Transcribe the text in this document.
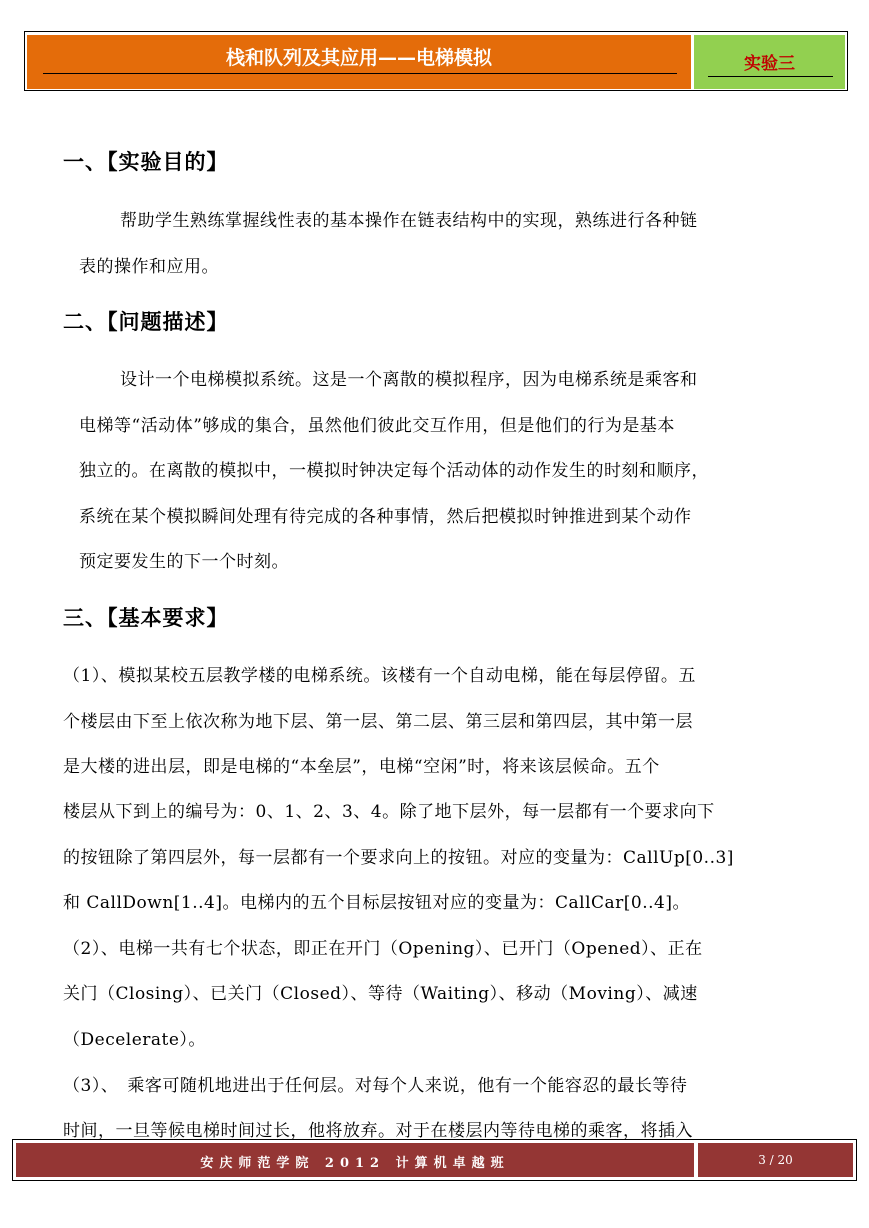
栈和队列及其应用——电梯模拟	实验三
一、【实验目的】
帮助学生熟练掌握线性表的基本操作在链表结构中的实现，熟练进行各种链
表的操作和应用。
二、【问题描述】
设计一个电梯模拟系统。这是一个离散的模拟程序，因为电梯系统是乘客和
电梯等“活动体”够成的集合，虽然他们彼此交互作用，但是他们的行为是基本
独立的。在离散的模拟中，一模拟时钟决定每个活动体的动作发生的时刻和顺序，
系统在某个模拟瞬间处理有待完成的各种事情，然后把模拟时钟推进到某个动作
预定要发生的下一个时刻。
三、【基本要求】
（1）、模拟某校五层教学楼的电梯系统。该楼有一个自动电梯，能在每层停留。五
个楼层由下至上依次称为地下层、第一层、第二层、第三层和第四层，其中第一层
是大楼的进出层，即是电梯的“本垒层”，电梯“空闲”时，将来该层候命。五个
楼层从下到上的编号为：0、1、2、3、4。除了地下层外，每一层都有一个要求向下
的按钮除了第四层外，每一层都有一个要求向上的按钮。对应的变量为：CallUp[0..3]
和 CallDown[1..4]。电梯内的五个目标层按钮对应的变量为：CallCar[0..4]。
（2）、电梯一共有七个状态，即正在开门（Opening）、已开门（Opened）、正在
关门（Closing）、已关门（Closed）、等待（Waiting）、移动（Moving）、减速
（Decelerate）。
（3）、　乘客可随机地进出于任何层。对每个人来说，他有一个能容忍的最长等待
时间，一旦等候电梯时间过长，他将放弃。对于在楼层内等待电梯的乘客，将插入
安庆师范学院 2012 计算机卓越班	3 / 20
